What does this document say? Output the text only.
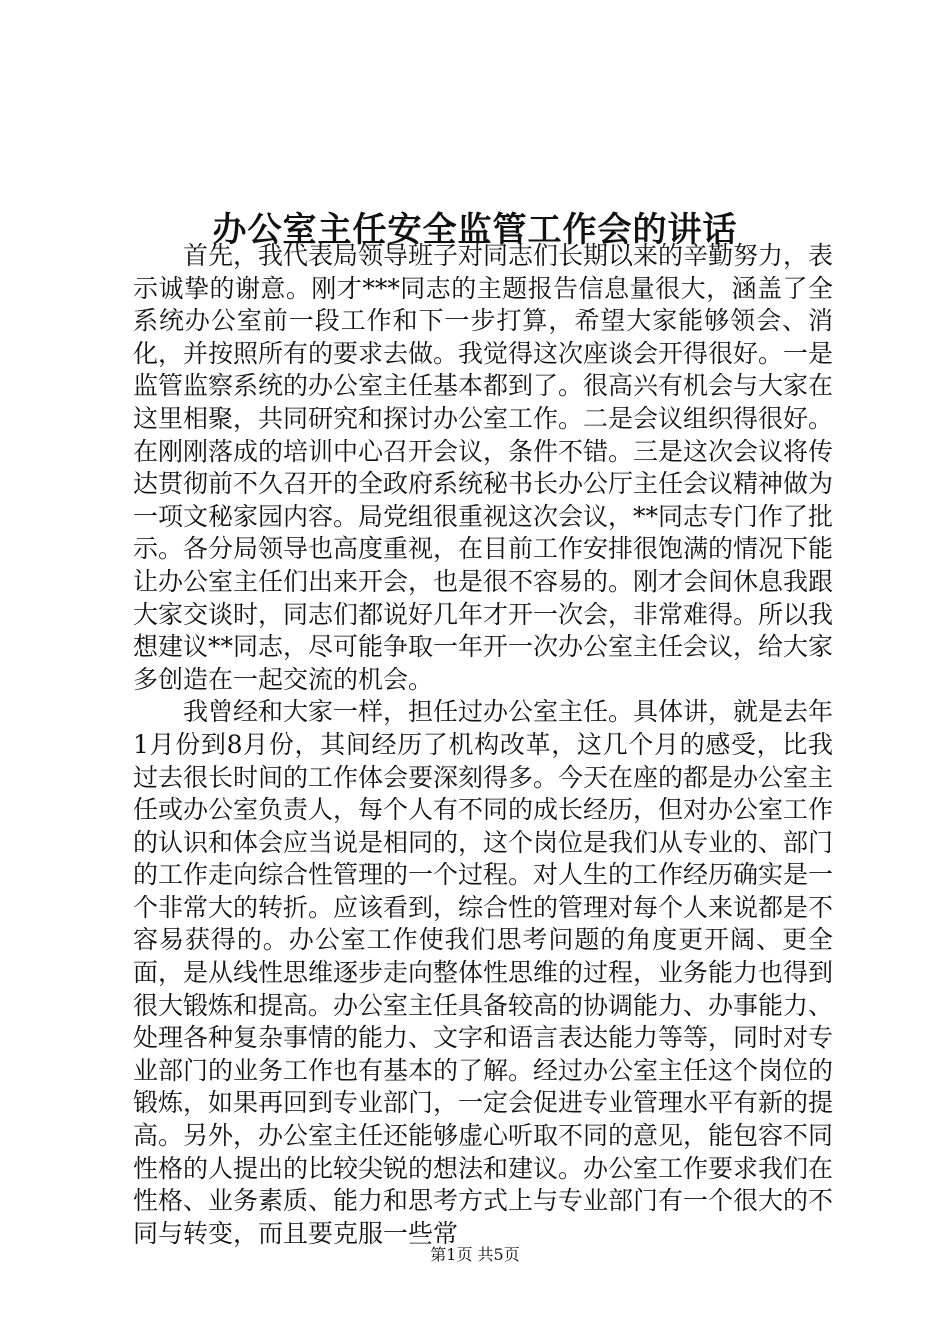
办公室主任安全监管工作会的讲话

首先，我代表局领导班子对同志们长期以来的辛勤努力，表示诚挚的谢意。刚才***同志的主题报告信息量很大，涵盖了全系统办公室前一段工作和下一步打算，希望大家能够领会、消化，并按照所有的要求去做。我觉得这次座谈会开得很好。一是监管监察系统的办公室主任基本都到了。很高兴有机会与大家在这里相聚，共同研究和探讨办公室工作。二是会议组织得很好。在刚刚落成的培训中心召开会议，条件不错。三是这次会议将传达贯彻前不久召开的全政府系统秘书长办公厅主任会议精神做为一项文秘家园内容。局党组很重视这次会议，**同志专门作了批示。各分局领导也高度重视，在目前工作安排很饱满的情况下能让办公室主任们出来开会，也是很不容易的。刚才会间休息我跟大家交谈时，同志们都说好几年才开一次会，非常难得。所以我想建议**同志，尽可能争取一年开一次办公室主任会议，给大家多创造在一起交流的机会。

我曾经和大家一样，担任过办公室主任。具体讲，就是去年1月份到8月份，其间经历了机构改革，这几个月的感受，比我过去很长时间的工作体会要深刻得多。今天在座的都是办公室主任或办公室负责人，每个人有不同的成长经历，但对办公室工作的认识和体会应当说是相同的，这个岗位是我们从专业的、部门的工作走向综合性管理的一个过程。对人生的工作经历确实是一个非常大的转折。应该看到，综合性的管理对每个人来说都是不容易获得的。办公室工作使我们思考问题的角度更开阔、更全面，是从线性思维逐步走向整体性思维的过程，业务能力也得到很大锻炼和提高。办公室主任具备较高的协调能力、办事能力、处理各种复杂事情的能力、文字和语言表达能力等等，同时对专业部门的业务工作也有基本的了解。经过办公室主任这个岗位的锻炼，如果再回到专业部门，一定会促进专业管理水平有新的提高。另外，办公室主任还能够虚心听取不同的意见，能包容不同性格的人提出的比较尖锐的想法和建议。办公室工作要求我们在性格、业务素质、能力和思考方式上与专业部门有一个很大的不同与转变，而且要克服一些常

第1页 共5页
